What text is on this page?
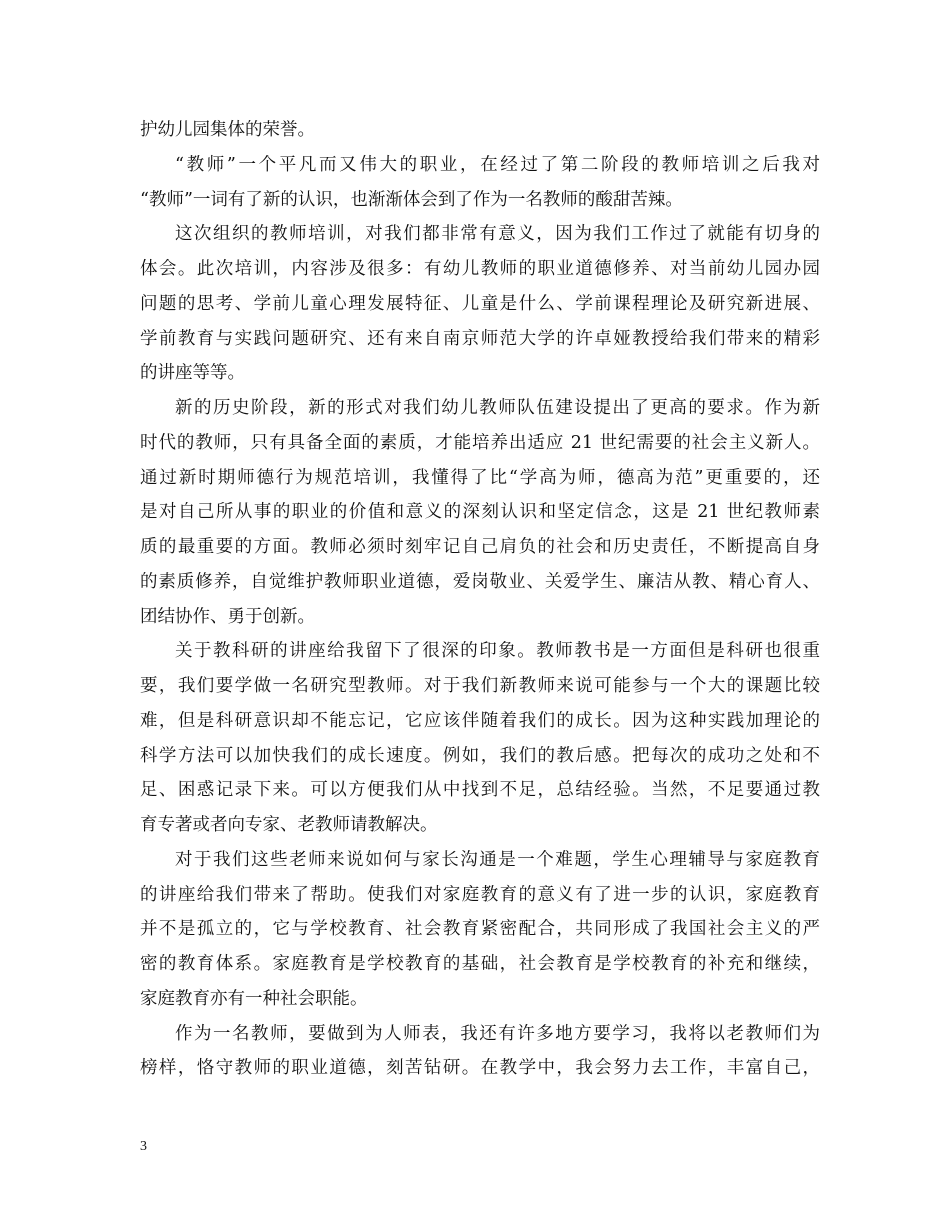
护幼儿园集体的荣誉。
“教师”一个平凡而又伟大的职业，在经过了第二阶段的教师培训之后我对
“教师”一词有了新的认识，也渐渐体会到了作为一名教师的酸甜苦辣。
这次组织的教师培训，对我们都非常有意义，因为我们工作过了就能有切身的
体会。此次培训，内容涉及很多：有幼儿教师的职业道德修养、对当前幼儿园办园
问题的思考、学前儿童心理发展特征、儿童是什么、学前课程理论及研究新进展、
学前教育与实践问题研究、还有来自南京师范大学的许卓娅教授给我们带来的精彩
的讲座等等。
新的历史阶段，新的形式对我们幼儿教师队伍建设提出了更高的要求。作为新
时代的教师，只有具备全面的素质，才能培养出适应 21 世纪需要的社会主义新人。
通过新时期师德行为规范培训，我懂得了比“学高为师，德高为范”更重要的，还
是对自己所从事的职业的价值和意义的深刻认识和坚定信念，这是 21 世纪教师素
质的最重要的方面。教师必须时刻牢记自己肩负的社会和历史责任，不断提高自身
的素质修养，自觉维护教师职业道德，爱岗敬业、关爱学生、廉洁从教、精心育人、
团结协作、勇于创新。
关于教科研的讲座给我留下了很深的印象。教师教书是一方面但是科研也很重
要，我们要学做一名研究型教师。对于我们新教师来说可能参与一个大的课题比较
难，但是科研意识却不能忘记，它应该伴随着我们的成长。因为这种实践加理论的
科学方法可以加快我们的成长速度。例如，我们的教后感。把每次的成功之处和不
足、困惑记录下来。可以方便我们从中找到不足，总结经验。当然，不足要通过教
育专著或者向专家、老教师请教解决。
对于我们这些老师来说如何与家长沟通是一个难题，学生心理辅导与家庭教育
的讲座给我们带来了帮助。使我们对家庭教育的意义有了进一步的认识，家庭教育
并不是孤立的，它与学校教育、社会教育紧密配合，共同形成了我国社会主义的严
密的教育体系。家庭教育是学校教育的基础，社会教育是学校教育的补充和继续，
家庭教育亦有一种社会职能。
作为一名教师，要做到为人师表，我还有许多地方要学习，我将以老教师们为
榜样，恪守教师的职业道德，刻苦钻研。在教学中，我会努力去工作，丰富自己，
3
